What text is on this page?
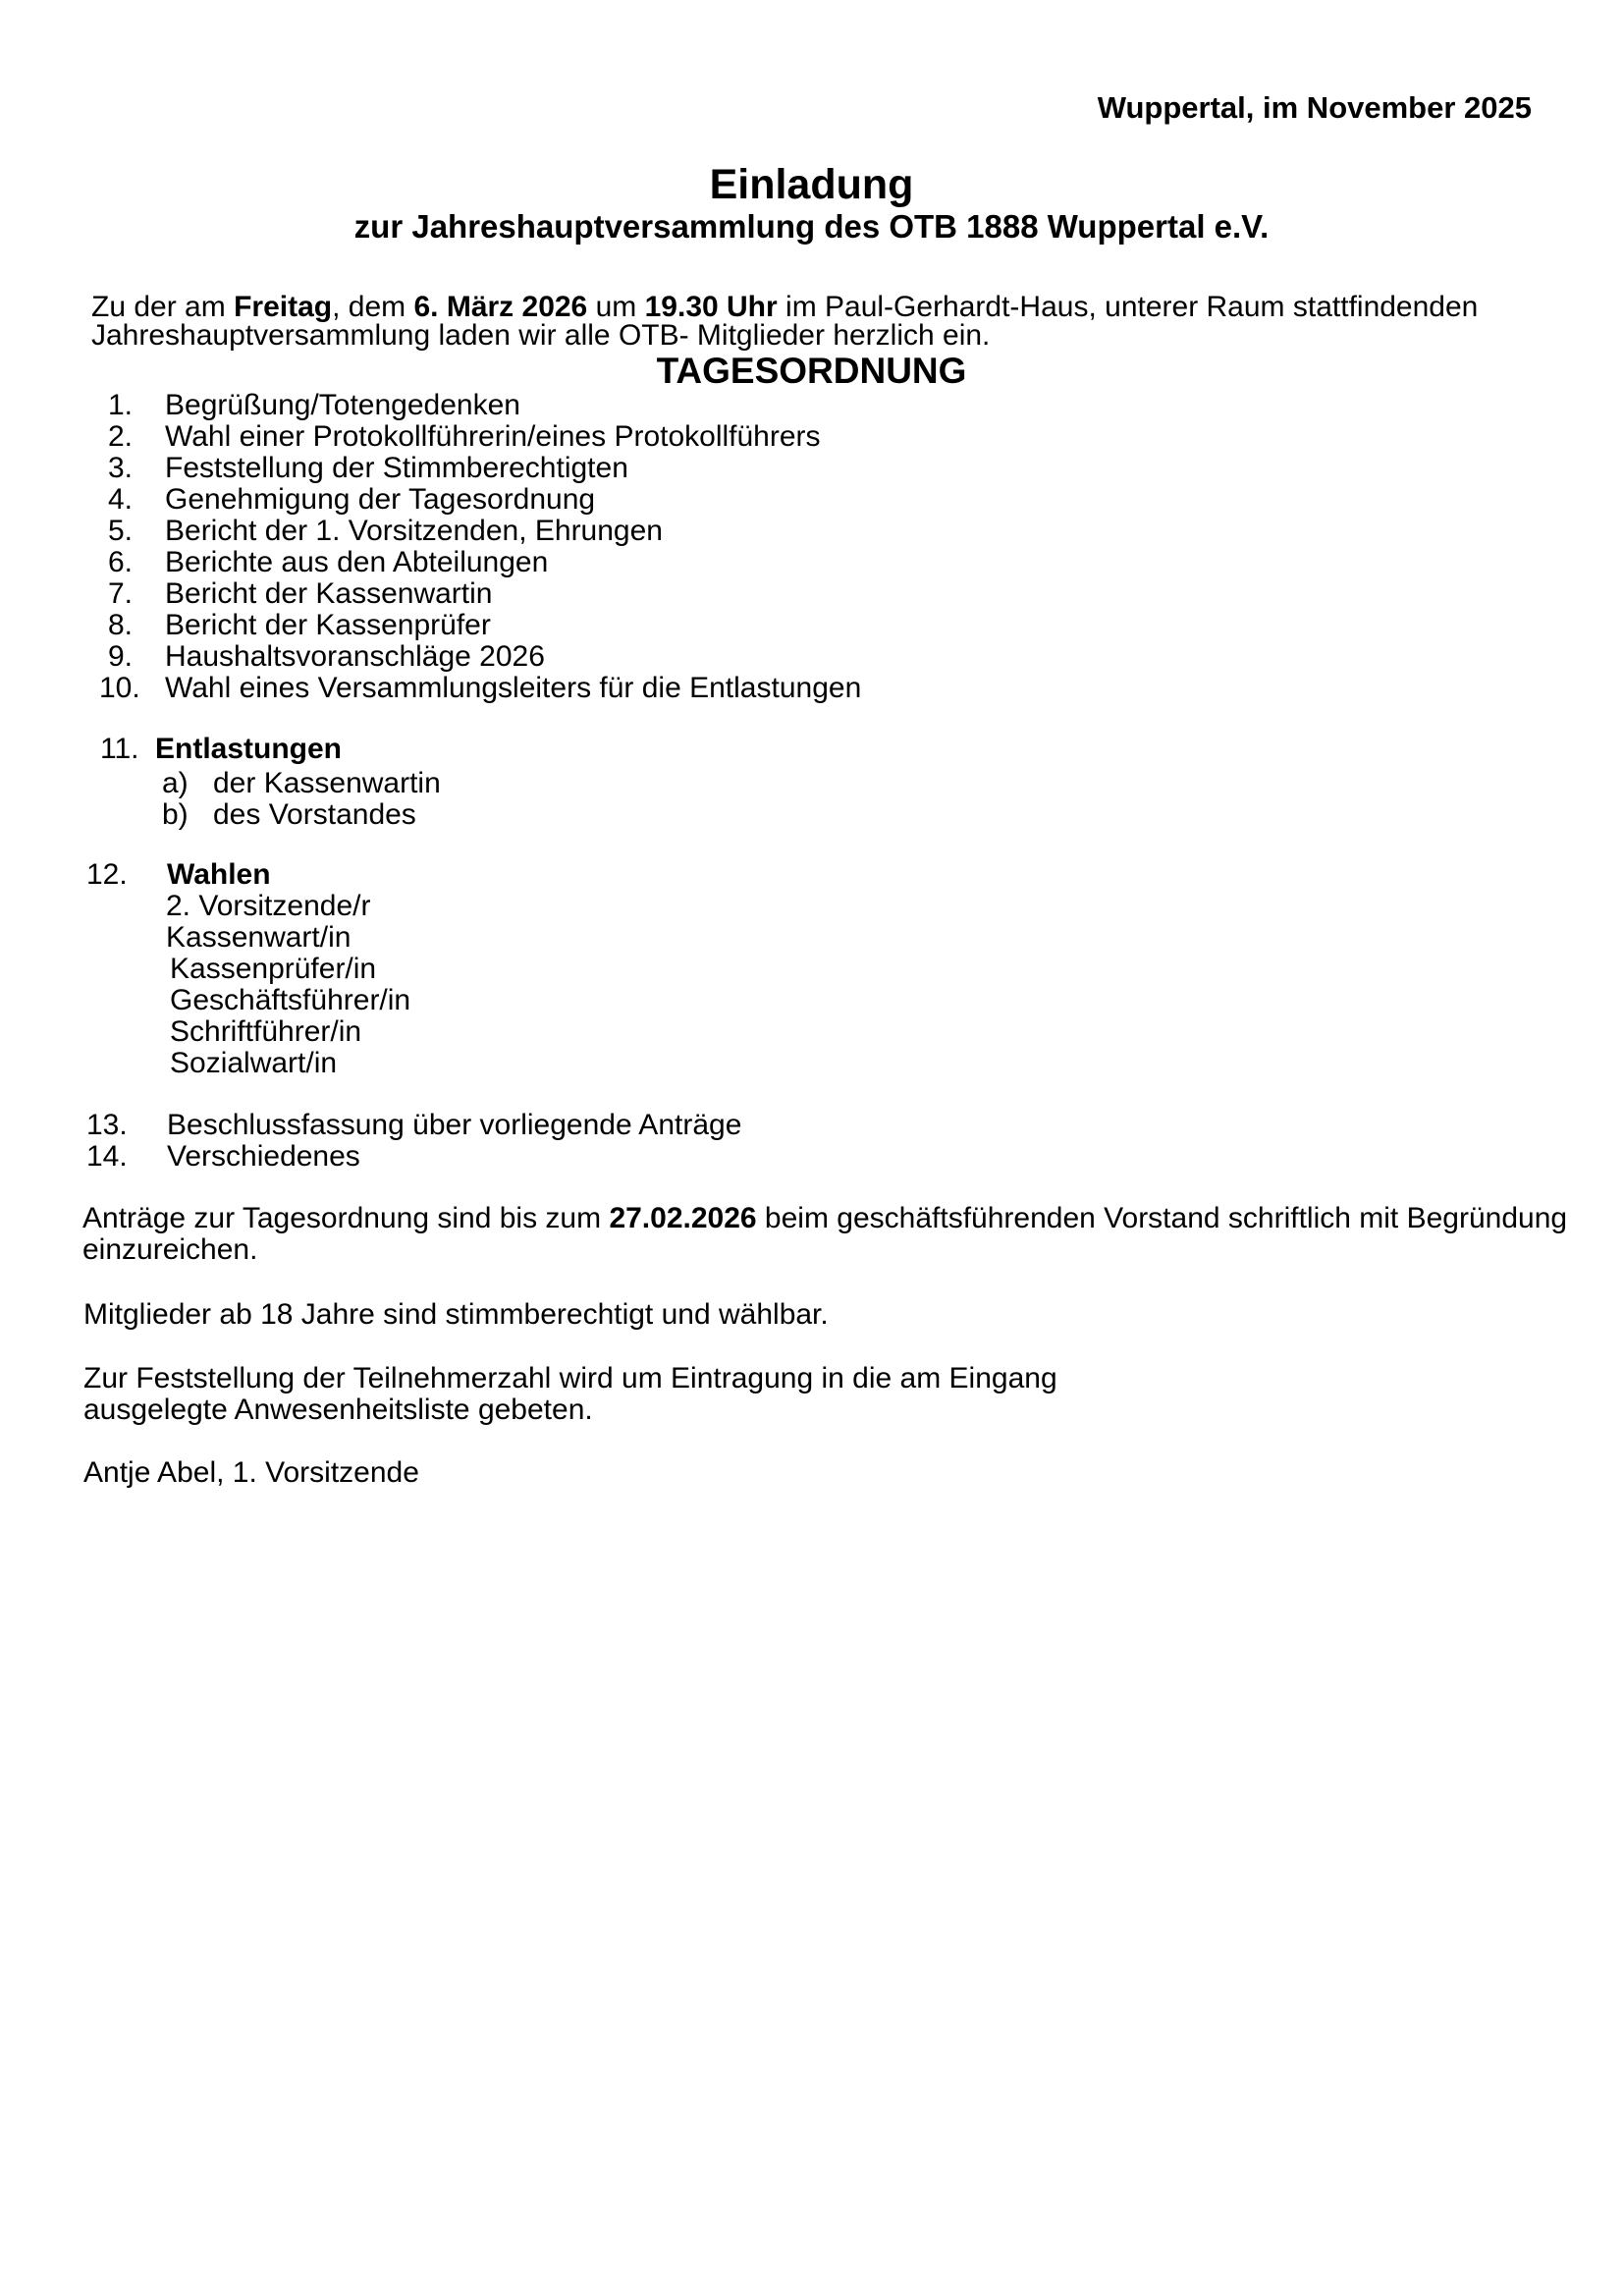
Wuppertal, im November 2025
Einladung
zur Jahreshauptversammlung des OTB 1888 Wuppertal e.V.
Zu der am Freitag, dem 6. März 2026 um 19.30 Uhr im Paul-Gerhardt-Haus, unterer Raum stattfindenden
Jahreshauptversammlung laden wir alle OTB- Mitglieder herzlich ein.
TAGESORDNUNG
1. Begrüßung/Totengedenken
2. Wahl einer Protokollführerin/eines Protokollführers
3. Feststellung der Stimmberechtigten
4. Genehmigung der Tagesordnung
5. Bericht der 1. Vorsitzenden, Ehrungen
6. Berichte aus den Abteilungen
7. Bericht der Kassenwartin
8. Bericht der Kassenprüfer
9. Haushaltsvoranschläge 2026
10. Wahl eines Versammlungsleiters für die Entlastungen
11. Entlastungen
a) der Kassenwartin
b) des Vorstandes
12. Wahlen
2. Vorsitzende/r
Kassenwart/in
Kassenprüfer/in
Geschäftsführer/in
Schriftführer/in
Sozialwart/in
13. Beschlussfassung über vorliegende Anträge
14. Verschiedenes
Anträge zur Tagesordnung sind bis zum 27.02.2026 beim geschäftsführenden Vorstand schriftlich mit Begründung
einzureichen.
Mitglieder ab 18 Jahre sind stimmberechtigt und wählbar.
Zur Feststellung der Teilnehmerzahl wird um Eintragung in die am Eingang
ausgelegte Anwesenheitsliste gebeten.
Antje Abel, 1. Vorsitzende
